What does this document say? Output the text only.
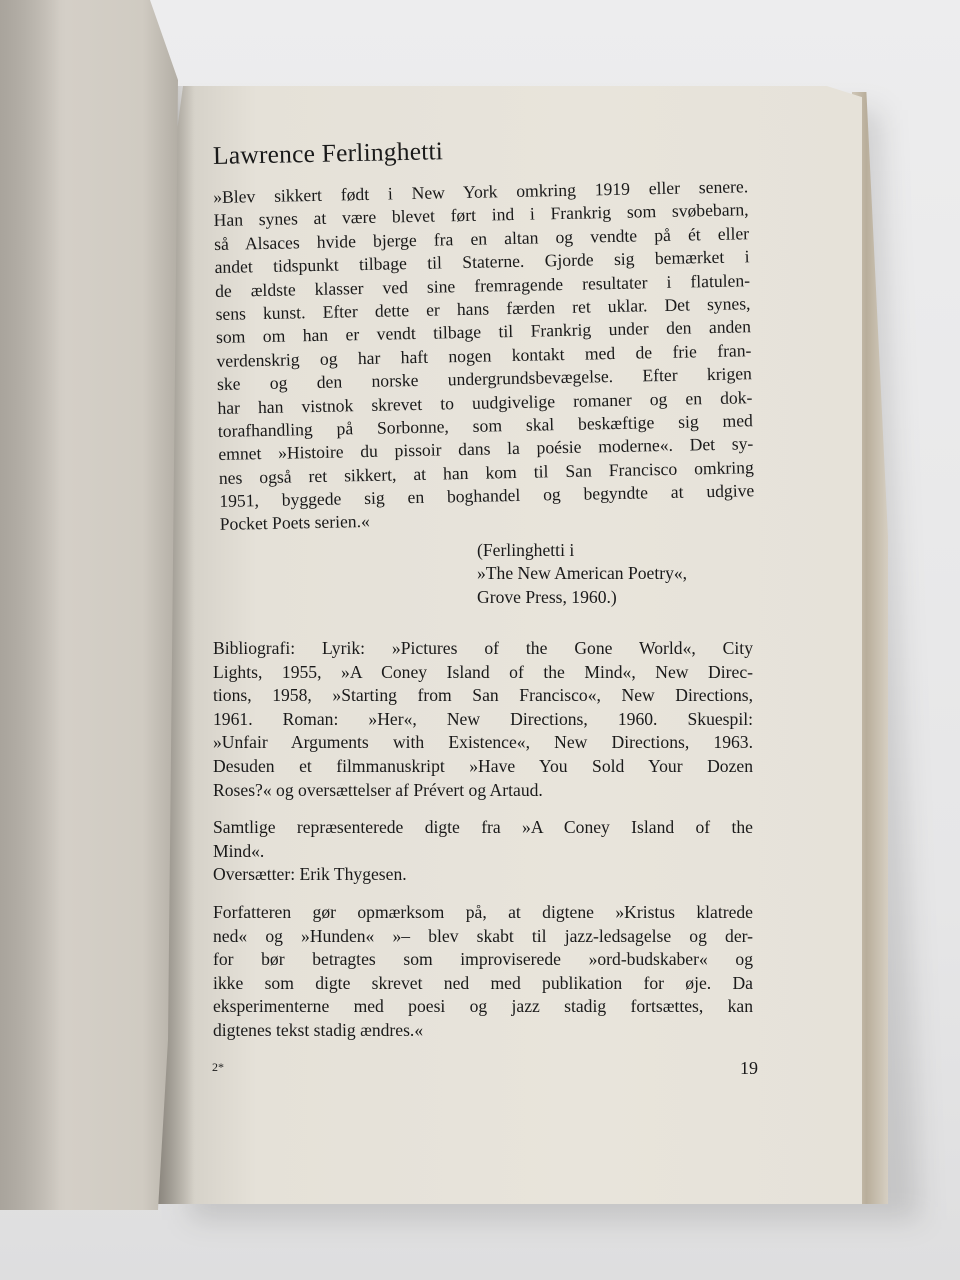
Lawrence Ferlinghetti
»Blev sikkert født i New York omkring 1919 eller senere.
Han synes at være blevet ført ind i Frankrig som svøbebarn,
så Alsaces hvide bjerge fra en altan og vendte på ét eller
andet tidspunkt tilbage til Staterne. Gjorde sig bemærket i
de ældste klasser ved sine fremragende resultater i flatulen-
sens kunst. Efter dette er hans færden ret uklar. Det synes,
som om han er vendt tilbage til Frankrig under den anden
verdenskrig og har haft nogen kontakt med de frie fran-
ske og den norske undergrundsbevægelse. Efter krigen
har han vistnok skrevet to uudgivelige romaner og en dok-
torafhandling på Sorbonne, som skal beskæftige sig med
emnet »Histoire du pissoir dans la poésie moderne«. Det sy-
nes også ret sikkert, at han kom til San Francisco omkring
1951, byggede sig en boghandel og begyndte at udgive
Pocket Poets serien.«
(Ferlinghetti i
»The New American Poetry«,
Grove Press, 1960.)
Bibliografi: Lyrik: »Pictures of the Gone World«, City
Lights, 1955, »A Coney Island of the Mind«, New Direc-
tions, 1958, »Starting from San Francisco«, New Directions,
1961. Roman: »Her«, New Directions, 1960. Skuespil:
»Unfair Arguments with Existence«, New Directions, 1963.
Desuden et filmmanuskript »Have You Sold Your Dozen
Roses?« og oversættelser af Prévert og Artaud.
Samtlige repræsenterede digte fra »A Coney Island of the
Mind«.
Oversætter: Erik Thygesen.
Forfatteren gør opmærksom på, at digtene »Kristus klatrede
ned« og »Hunden« »– blev skabt til jazz-ledsagelse og der-
for bør betragtes som improviserede »ord-budskaber« og
ikke som digte skrevet ned med publikation for øje. Da
eksperimenterne med poesi og jazz stadig fortsættes, kan
digtenes tekst stadig ændres.«
2*	19
